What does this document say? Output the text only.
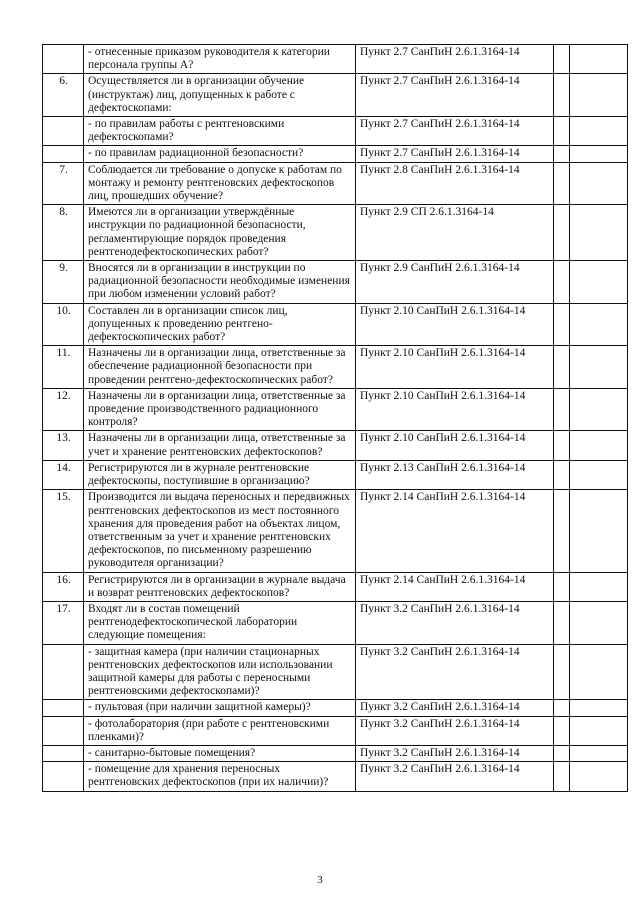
	- отнесенные приказом руководителя к категории персонала группы А?	Пункт 2.7 СанПиН 2.6.1.3164-14		
6.	Осуществляется ли в организации обучение (инструктаж) лиц, допущенных к работе с дефектоскопами:	Пункт 2.7 СанПиН 2.6.1.3164-14		
	- по правилам работы с рентгеновскими дефектоскопами?	Пункт 2.7 СанПиН 2.6.1.3164-14		
	- по правилам радиационной безопасности?	Пункт 2.7 СанПиН 2.6.1.3164-14		
7.	Соблюдается ли требование о допуске к работам по монтажу и ремонту рентгеновских дефектоскопов лиц, прошедших обучение?	Пункт 2.8 СанПиН 2.6.1.3164-14		
8.	Имеются ли в организации утверждённые инструкции по радиационной безопасности, регламентирующие порядок проведения рентгенодефектоскопических работ?	Пункт 2.9 СП 2.6.1.3164-14		
9.	Вносятся ли в организации в инструкции по радиационной безопасности необходимые изменения при любом изменении условий работ?	Пункт 2.9 СанПиН 2.6.1.3164-14		
10.	Составлен ли в организации список лиц, допущенных к проведению рентгено-дефектоскопических работ?	Пункт 2.10 СанПиН 2.6.1.3164-14		
11.	Назначены ли в организации лица, ответственные за обеспечение радиационной безопасности при проведении рентгено-дефектоскопических работ?	Пункт 2.10 СанПиН 2.6.1.3164-14		
12.	Назначены ли в организации лица, ответственные за проведение производственного радиационного контроля?	Пункт 2.10 СанПиН 2.6.1.3164-14		
13.	Назначены ли в организации лица, ответственные за учет и хранение рентгеновских дефектоскопов?	Пункт 2.10 СанПиН 2.6.1.3164-14		
14.	Регистрируются ли в журнале рентгеновские дефектоскопы, поступившие в организацию?	Пункт 2.13 СанПиН 2.6.1.3164-14		
15.	Производится ли выдача переносных и передвижных рентгеновских дефектоскопов из мест постоянного хранения для проведения работ на объектах лицом, ответственным за учет и хранение рентгеновских дефектоскопов, по письменному разрешению руководителя организации?	Пункт 2.14 СанПиН 2.6.1.3164-14		
16.	Регистрируются ли в организации в журнале выдача и возврат рентгеновских дефектоскопов?	Пункт 2.14 СанПиН 2.6.1.3164-14		
17.	Входят ли в состав помещений рентгенодефектоскопической лаборатории следующие помещения:	Пункт 3.2 СанПиН 2.6.1.3164-14		
	- защитная камера (при наличии стационарных рентгеновских дефектоскопов или использовании защитной камеры для работы с переносными рентгеновскими дефектоскопами)?	Пункт 3.2 СанПиН 2.6.1.3164-14		
	- пультовая (при наличии защитной камеры)?	Пункт 3.2 СанПиН 2.6.1.3164-14		
	- фотолаборатория (при работе с рентгеновскими пленками)?	Пункт 3.2 СанПиН 2.6.1.3164-14		
	- санитарно-бытовые помещения?	Пункт 3.2 СанПиН 2.6.1.3164-14		
	- помещение для хранения переносных рентгеновских дефектоскопов (при их наличии)?	Пункт 3.2 СанПиН 2.6.1.3164-14		
3
